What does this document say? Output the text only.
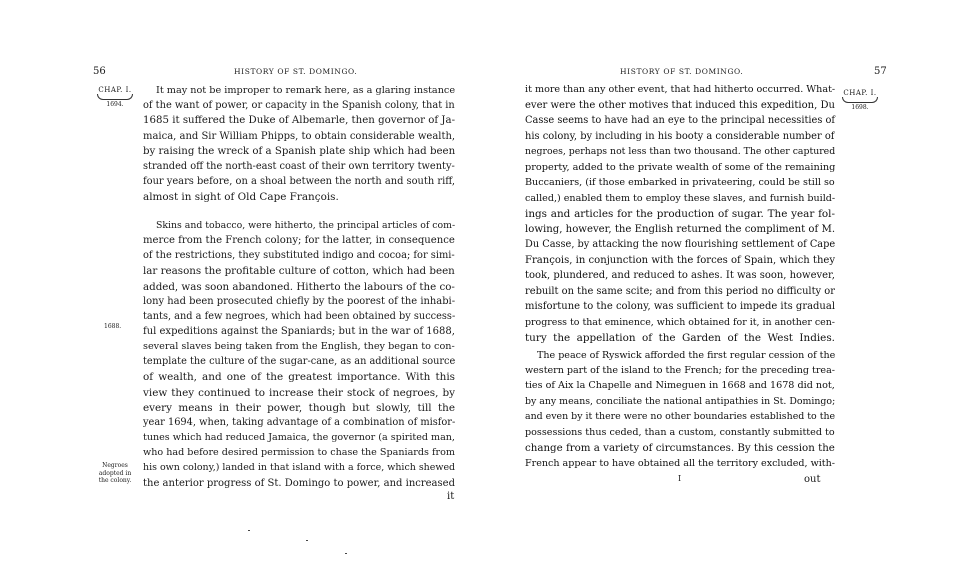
56	HISTORY OF ST. DOMINGO.
CHAP. I.
1694.
1688.
Negroes
adopted in
the colony.
It may not be improper to remark here, as a glaring instance
of the want of power, or capacity in the Spanish colony, that in
1685 it suffered the Duke of Albemarle, then governor of Ja-
maica, and Sir William Phipps, to obtain considerable wealth,
by raising the wreck of a Spanish plate ship which had been
stranded off the north-east coast of their own territory twenty-
four years before, on a shoal between the north and south riff,
almost in sight of Old Cape François.
Skins and tobacco, were hitherto, the principal articles of com-
merce from the French colony; for the latter, in consequence
of the restrictions, they substituted indigo and cocoa; for simi-
lar reasons the profitable culture of cotton, which had been
added, was soon abandoned. Hitherto the labours of the co-
lony had been prosecuted chiefly by the poorest of the inhabi-
tants, and a few negroes, which had been obtained by success-
ful expeditions against the Spaniards; but in the war of 1688,
several slaves being taken from the English, they began to con-
template the culture of the sugar-cane, as an additional source
of wealth, and one of the greatest importance. With this
view they continued to increase their stock of negroes, by
every means in their power, though but slowly, till the
year 1694, when, taking advantage of a combination of misfor-
tunes which had reduced Jamaica, the governor (a spirited man,
who had before desired permission to chase the Spaniards from
his own colony,) landed in that island with a force, which shewed
the anterior progress of St. Domingo to power, and increased
it
HISTORY OF ST. DOMINGO.	57
CHAP. I.
1698.
it more than any other event, that had hitherto occurred. What-
ever were the other motives that induced this expedition, Du
Casse seems to have had an eye to the principal necessities of
his colony, by including in his booty a considerable number of
negroes, perhaps not less than two thousand. The other captured
property, added to the private wealth of some of the remaining
Buccaniers, (if those embarked in privateering, could be still so
called,) enabled them to employ these slaves, and furnish build-
ings and articles for the production of sugar. The year fol-
lowing, however, the English returned the compliment of M.
Du Casse, by attacking the now flourishing settlement of Cape
François, in conjunction with the forces of Spain, which they
took, plundered, and reduced to ashes. It was soon, however,
rebuilt on the same scite; and from this period no difficulty or
misfortune to the colony, was sufficient to impede its gradual
progress to that eminence, which obtained for it, in another cen-
tury the appellation of the Garden of the West Indies.
The peace of Ryswick afforded the first regular cession of the
western part of the island to the French; for the preceding trea-
ties of Aix la Chapelle and Nimeguen in 1668 and 1678 did not,
by any means, conciliate the national antipathies in St. Domingo;
and even by it there were no other boundaries established to the
possessions thus ceded, than a custom, constantly submitted to
change from a variety of circumstances. By this cession the
French appear to have obtained all the territory excluded, with-
I	out
